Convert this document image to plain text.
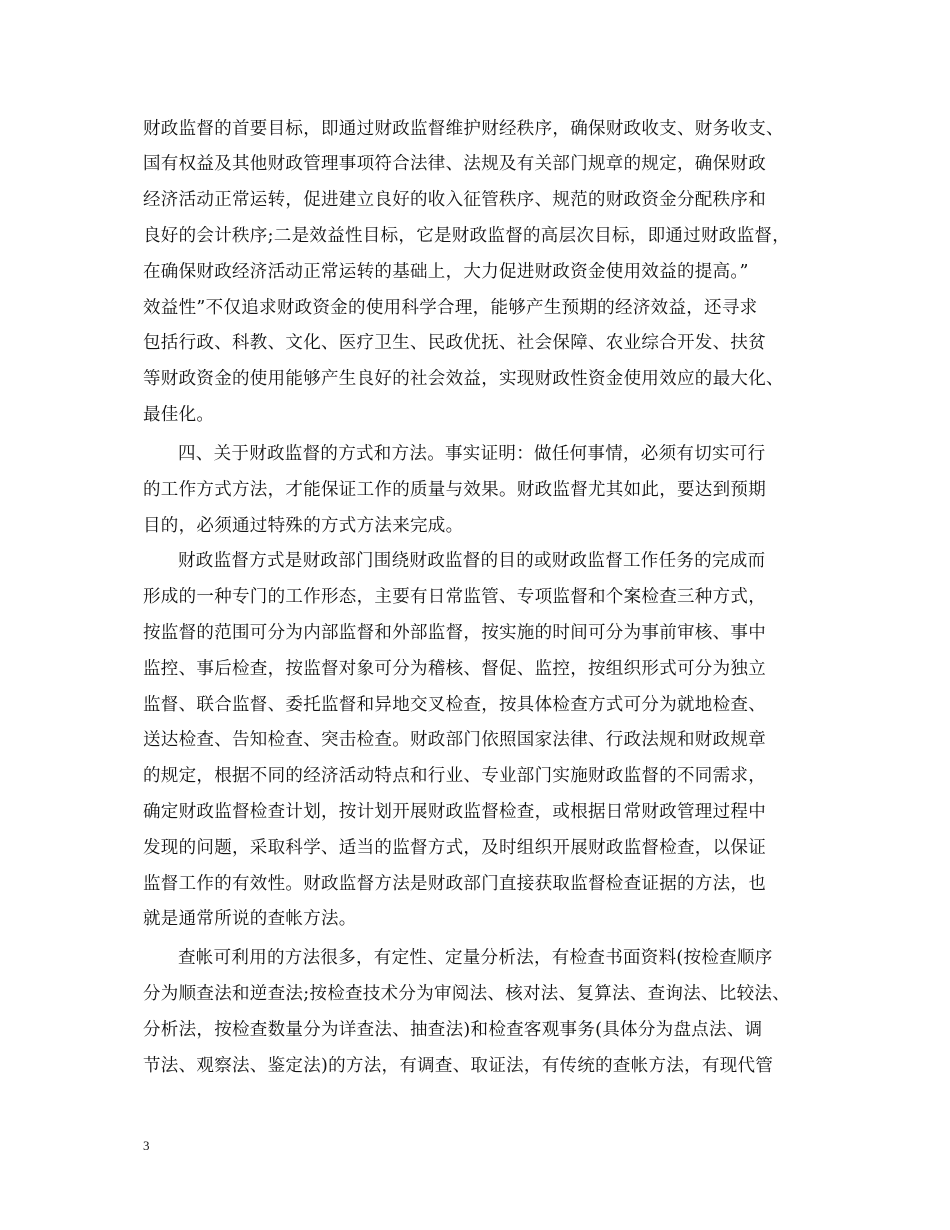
财政监督的首要目标，即通过财政监督维护财经秩序，确保财政收支、财务收支、
国有权益及其他财政管理事项符合法律、法规及有关部门规章的规定，确保财政
经济活动正常运转，促进建立良好的收入征管秩序、规范的财政资金分配秩序和
良好的会计秩序;二是效益性目标，它是财政监督的高层次目标，即通过财政监督，
在确保财政经济活动正常运转的基础上，大力促进财政资金使用效益的提高。”
效益性”不仅追求财政资金的使用科学合理，能够产生预期的经济效益，还寻求
包括行政、科教、文化、医疗卫生、民政优抚、社会保障、农业综合开发、扶贫
等财政资金的使用能够产生良好的社会效益，实现财政性资金使用效应的最大化、
最佳化。
四、关于财政监督的方式和方法。事实证明：做任何事情，必须有切实可行
的工作方式方法，才能保证工作的质量与效果。财政监督尤其如此，要达到预期
目的，必须通过特殊的方式方法来完成。
财政监督方式是财政部门围绕财政监督的目的或财政监督工作任务的完成而
形成的一种专门的工作形态，主要有日常监管、专项监督和个案检查三种方式，
按监督的范围可分为内部监督和外部监督，按实施的时间可分为事前审核、事中
监控、事后检查，按监督对象可分为稽核、督促、监控，按组织形式可分为独立
监督、联合监督、委托监督和异地交叉检查，按具体检查方式可分为就地检查、
送达检查、告知检查、突击检查。财政部门依照国家法律、行政法规和财政规章
的规定，根据不同的经济活动特点和行业、专业部门实施财政监督的不同需求，
确定财政监督检查计划，按计划开展财政监督检查，或根据日常财政管理过程中
发现的问题，采取科学、适当的监督方式，及时组织开展财政监督检查，以保证
监督工作的有效性。财政监督方法是财政部门直接获取监督检查证据的方法，也
就是通常所说的查帐方法。
查帐可利用的方法很多，有定性、定量分析法，有检查书面资料(按检查顺序
分为顺查法和逆查法;按检查技术分为审阅法、核对法、复算法、查询法、比较法、
分析法，按检查数量分为详查法、抽查法)和检查客观事务(具体分为盘点法、调
节法、观察法、鉴定法)的方法，有调查、取证法，有传统的查帐方法，有现代管
3
